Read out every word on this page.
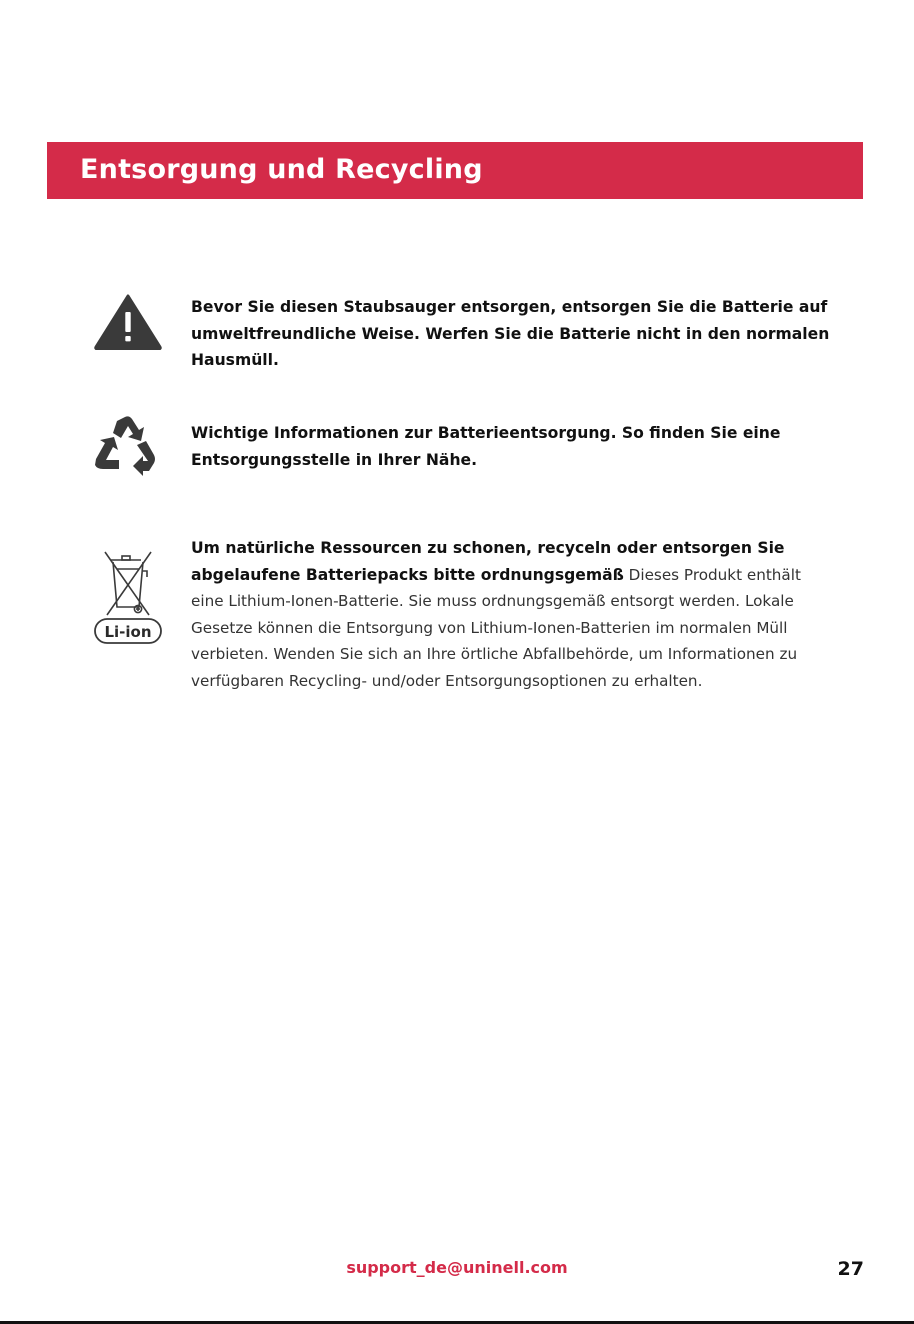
Entsorgung und Recycling
Bevor Sie diesen Staubsauger entsorgen, entsorgen Sie die Batterie auf umweltfreundliche Weise. Werfen Sie die Batterie nicht in den normalen Hausmüll.
Wichtige Informationen zur Batterieentsorgung. So finden Sie eine Entsorgungsstelle in Ihrer Nähe.
Li-ion
Um natürliche Ressourcen zu schonen, recyceln oder entsorgen Sie abgelaufene Batteriepacks bitte ordnungsgemäß Dieses Produkt enthält eine Lithium-Ionen-Batterie. Sie muss ordnungsgemäß entsorgt werden. Lokale Gesetze können die Entsorgung von Lithium-Ionen-Batterien im normalen Müll verbieten. Wenden Sie sich an Ihre örtliche Abfallbehörde, um Informationen zu verfügbaren Recycling- und/oder Entsorgungsoptionen zu erhalten.
support_de@uninell.com	27
